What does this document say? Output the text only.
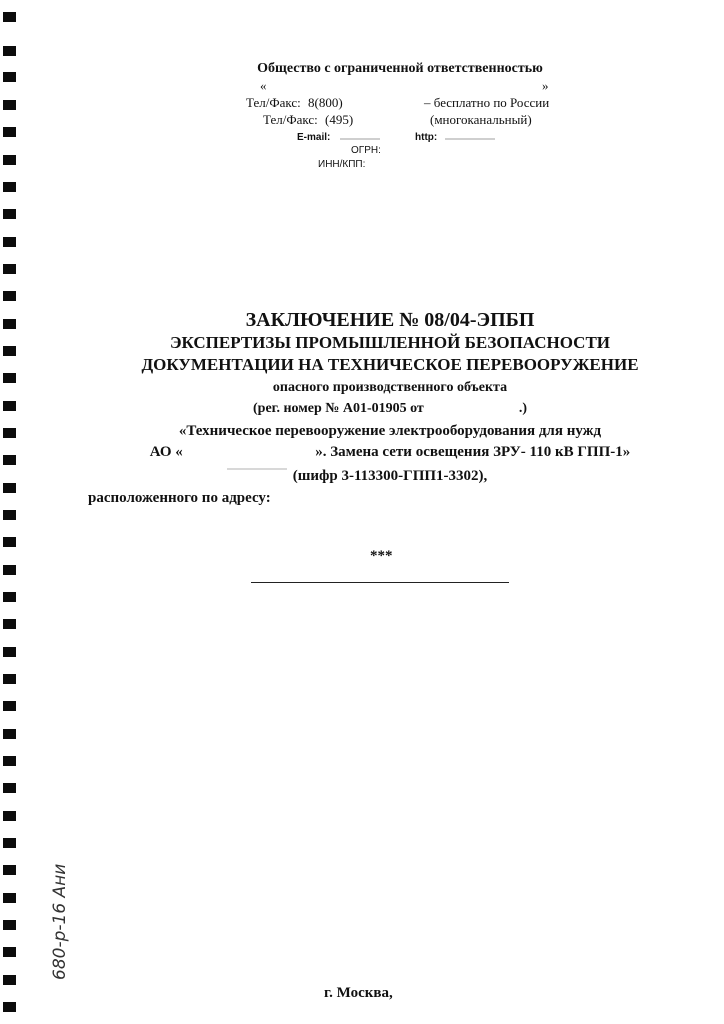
Общество с ограниченной ответственностью
«	»
Тел/Факс: 8(800)	– бесплатно по России
Тел/Факс: (495)	(многоканальный)
E-mail:	http:
ОГРН:
ИНН/КПП:
ЗАКЛЮЧЕНИЕ № 08/04-ЭПБП
ЭКСПЕРТИЗЫ ПРОМЫШЛЕННОЙ БЕЗОПАСНОСТИ
ДОКУМЕНТАЦИИ НА ТЕХНИЧЕСКОЕ ПЕРЕВООРУЖЕНИЕ
опасного производственного объекта
(рег. номер № А01-01905 от	.)
«Техническое перевооружение электрооборудования для нужд
АО «	». Замена сети освещения ЗРУ- 110 кВ ГПП-1»
(шифр 3-113300-ГПП1-3302),
расположенного по адресу:
***
680-р-16 Ани
г. Москва,
